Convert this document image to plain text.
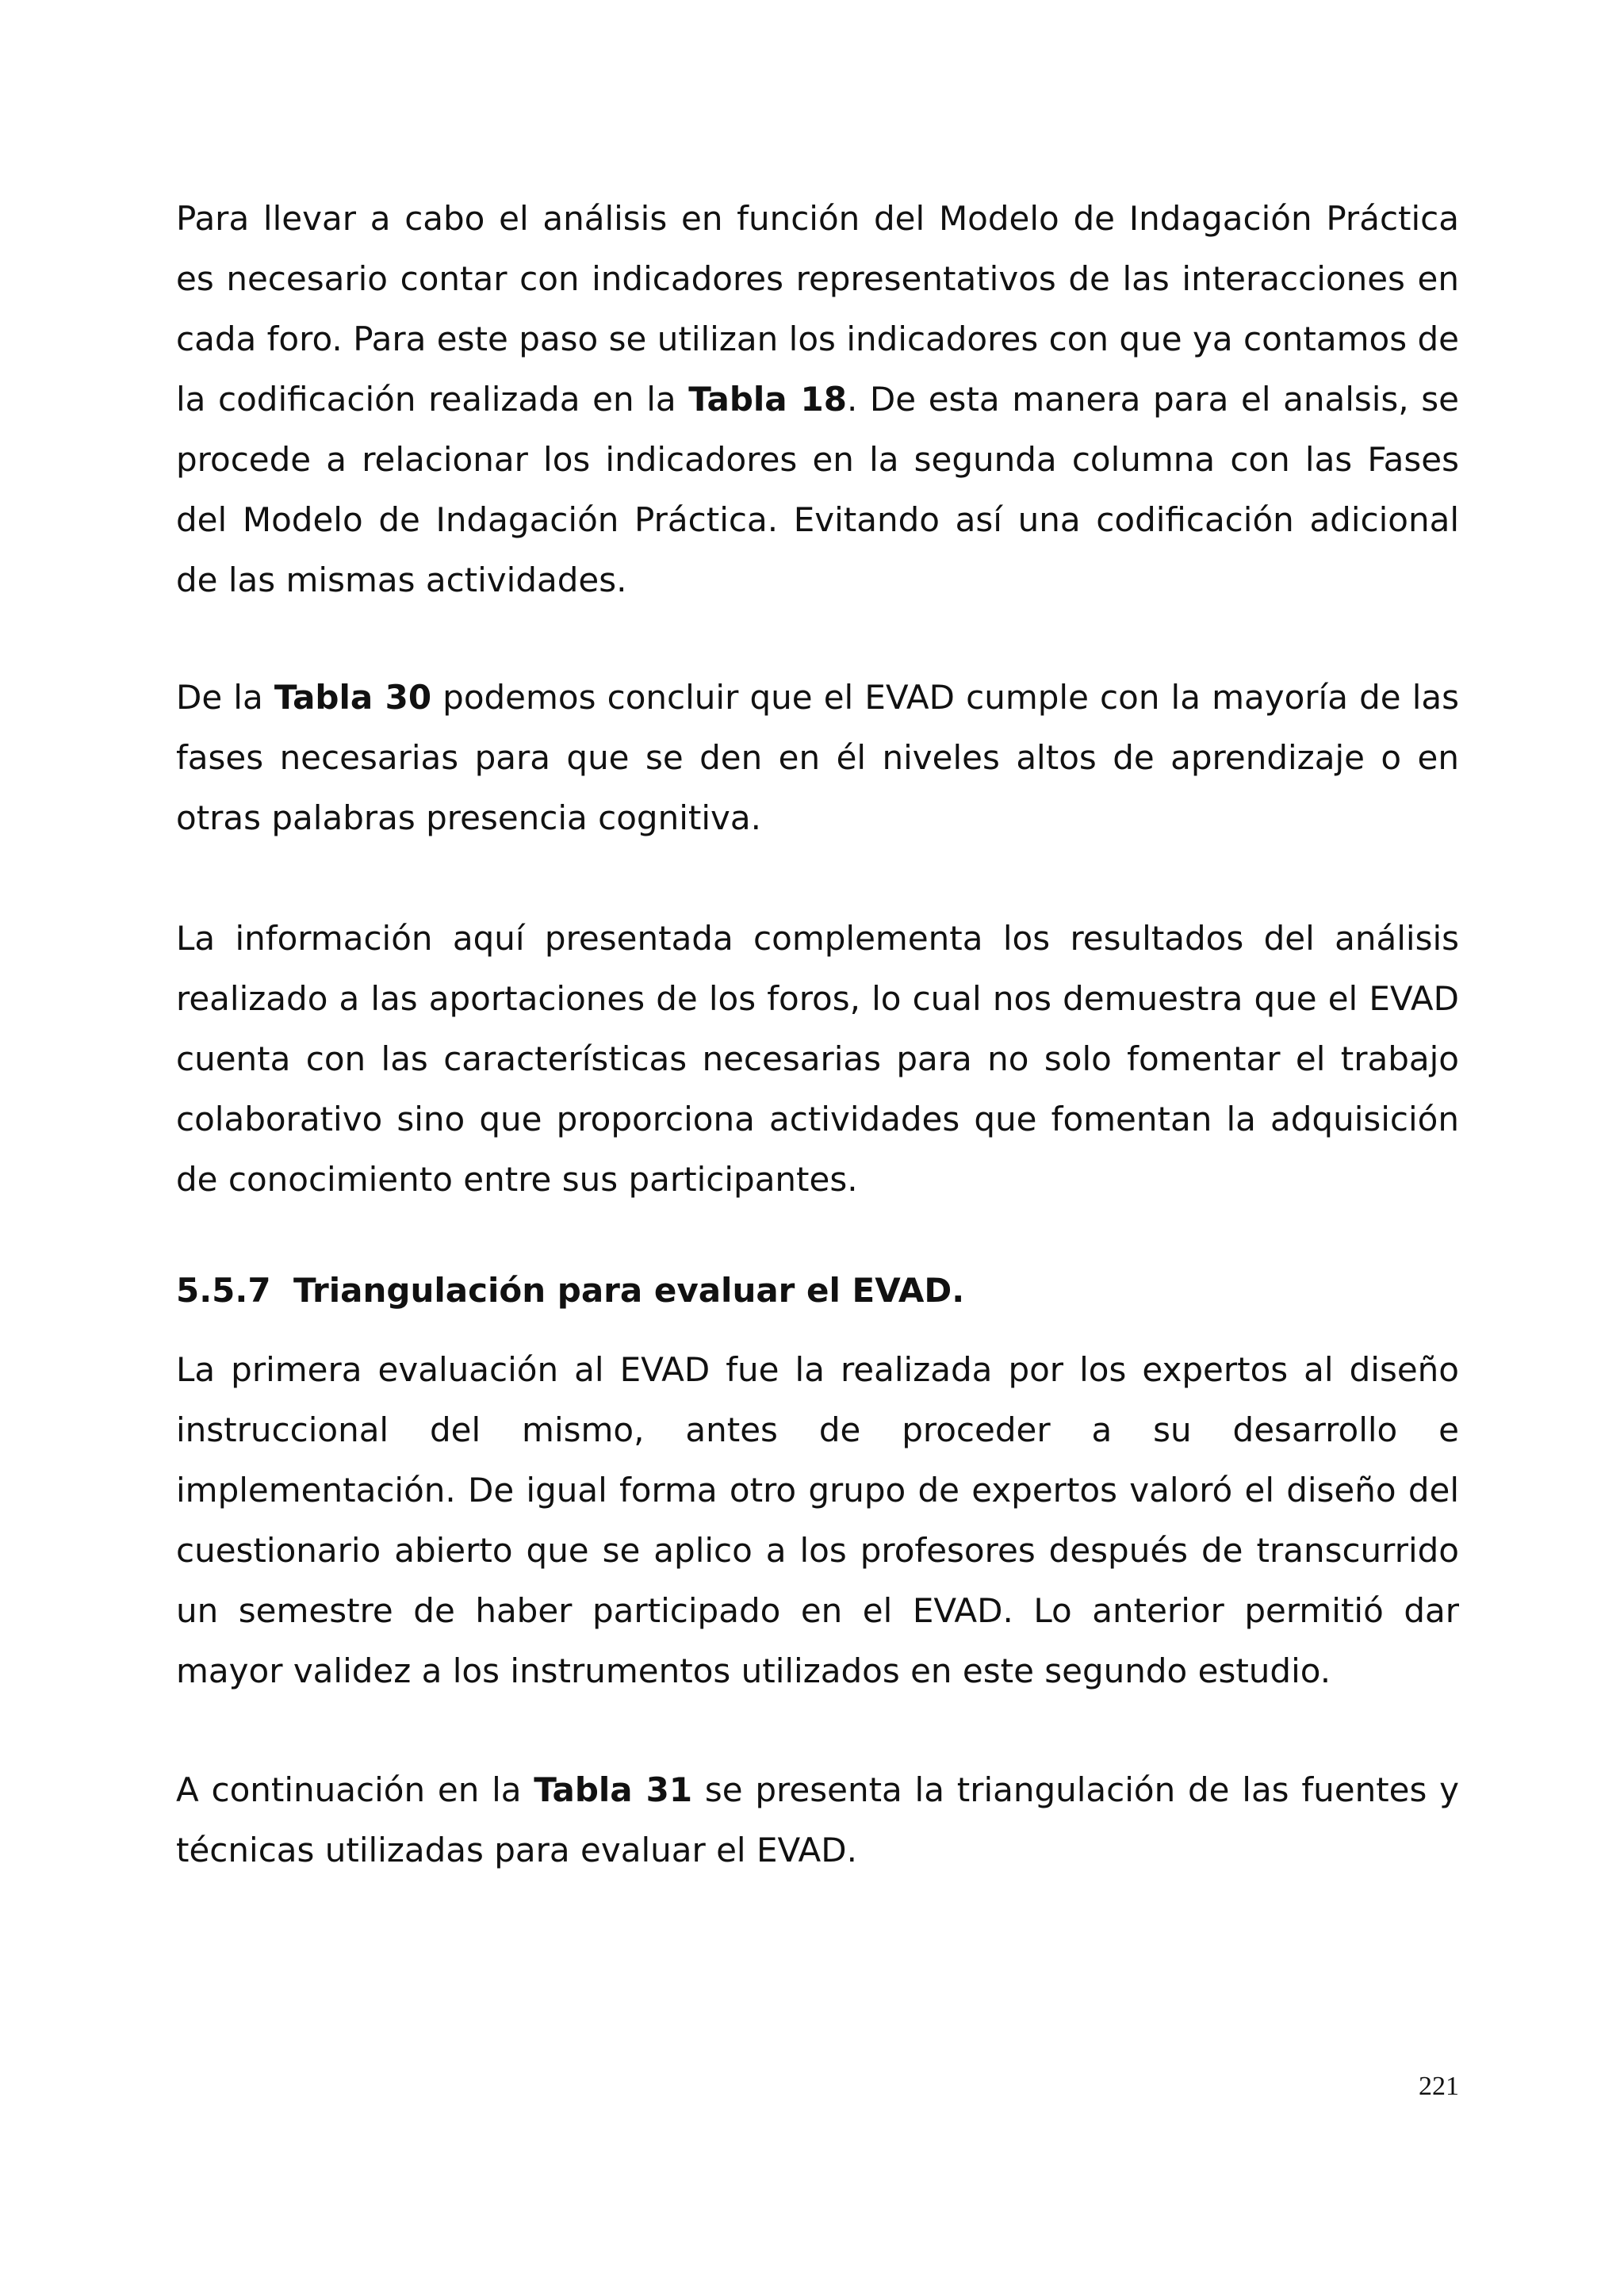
Para llevar a cabo el análisis en función del Modelo de Indagación Práctica es necesario contar con indicadores representativos de las interacciones en cada foro. Para este paso se utilizan los indicadores con que ya contamos de la codificación realizada en la Tabla 18. De esta manera para el analsis, se procede a relacionar los indicadores en la segunda columna con las Fases del Modelo de Indagación Práctica. Evitando así una codificación adicional de las mismas actividades.

De la Tabla 30 podemos concluir que el EVAD cumple con la mayoría de las fases necesarias para que se den en él niveles altos de aprendizaje o en otras palabras presencia cognitiva.

La información aquí presentada complementa los resultados del análisis realizado a las aportaciones de los foros, lo cual nos demuestra que el EVAD cuenta con las características necesarias para no solo fomentar el trabajo colaborativo sino que proporciona actividades que fomentan la adquisición de conocimiento entre sus participantes.

5.5.7 Triangulación para evaluar el EVAD.

La primera evaluación al EVAD fue la realizada por los expertos al diseño instruccional del mismo, antes de proceder a su desarrollo e implementación. De igual forma otro grupo de expertos valoró el diseño del cuestionario abierto que se aplico a los profesores después de transcurrido un semestre de haber participado en el EVAD. Lo anterior permitió dar mayor validez a los instrumentos utilizados en este segundo estudio.

A continuación en la Tabla 31 se presenta la triangulación de las fuentes y técnicas utilizadas para evaluar el EVAD.

221
